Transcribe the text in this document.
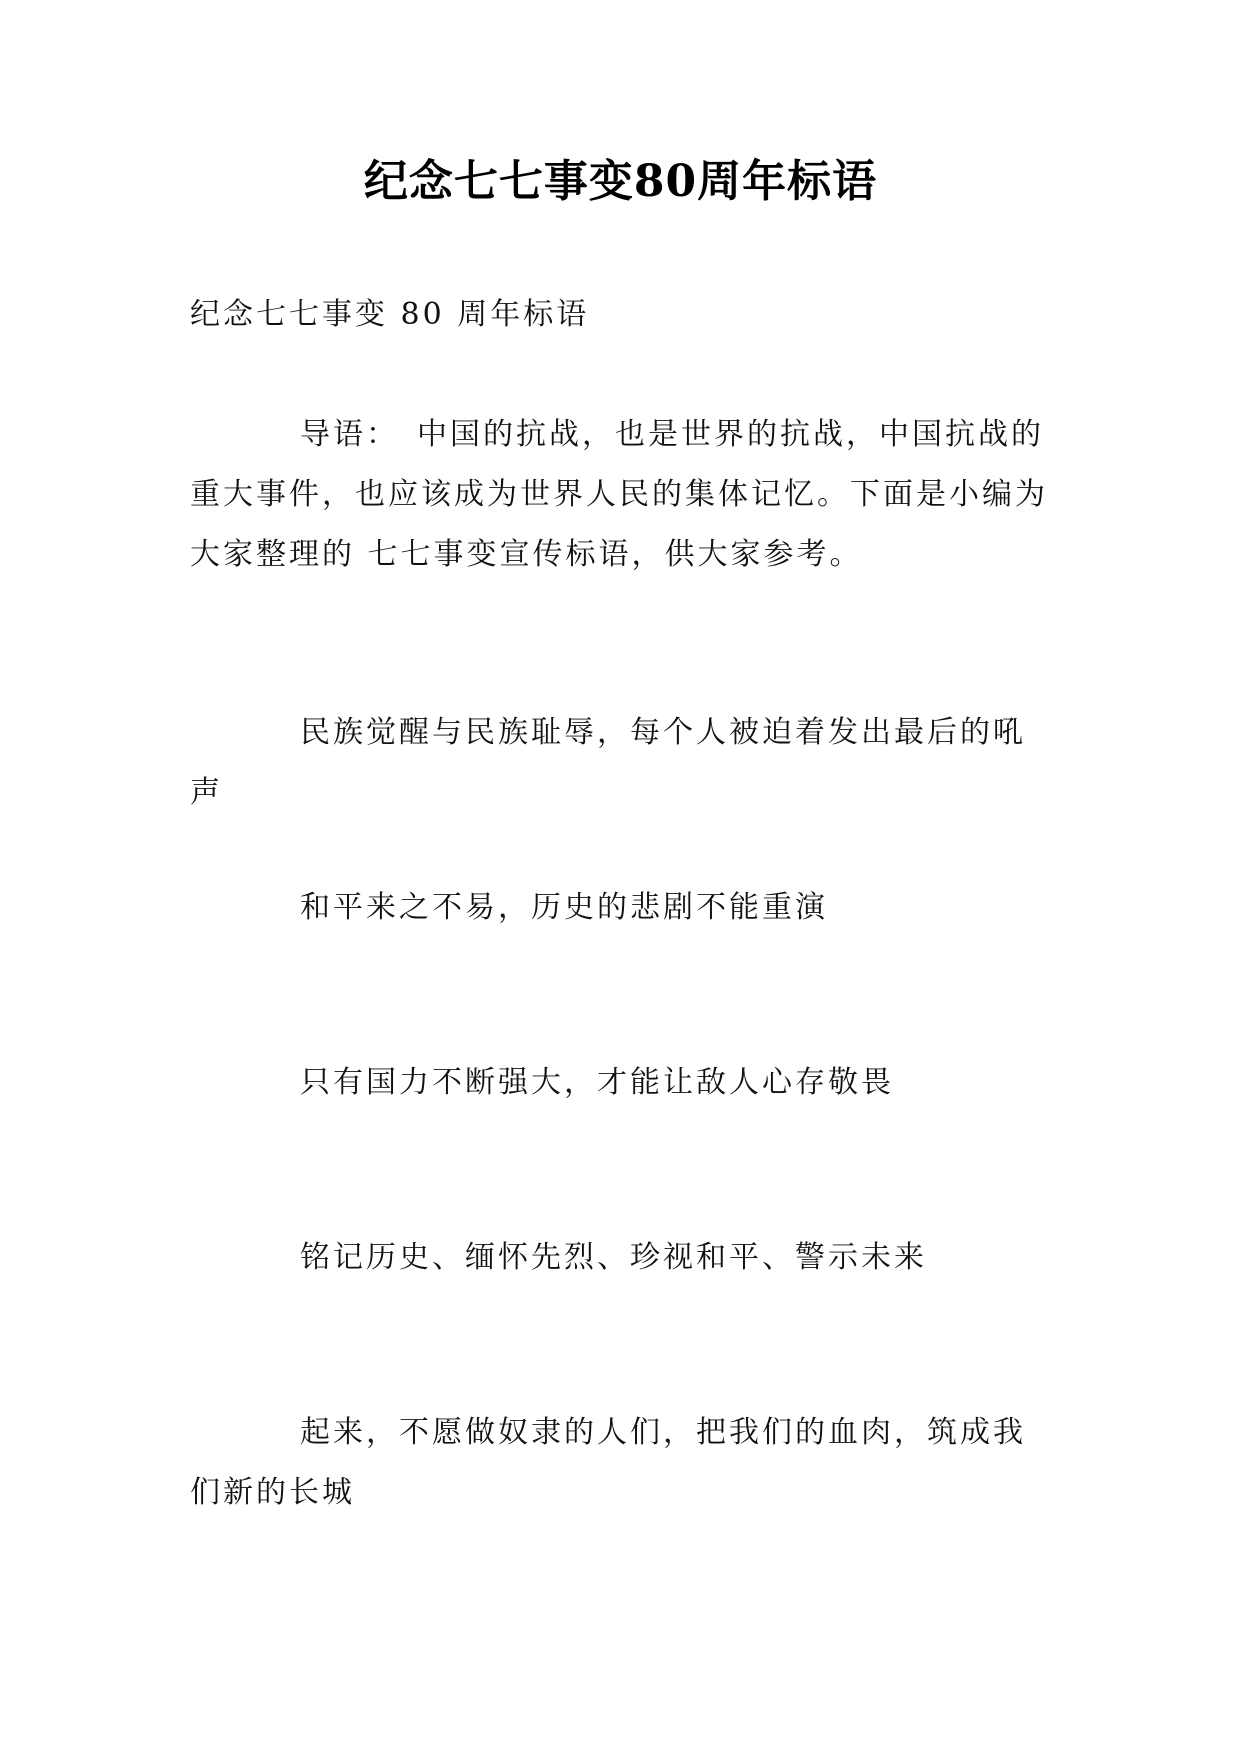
纪念七七事变80周年标语
纪念七七事变 80 周年标语
导语：　中国的抗战，也是世界的抗战，中国抗战的重大事件，也应该成为世界人民的集体记忆。下面是小编为大家整理的 七七事变宣传标语，供大家参考。
民族觉醒与民族耻辱，每个人被迫着发出最后的吼声
和平来之不易，历史的悲剧不能重演
只有国力不断强大，才能让敌人心存敬畏
铭记历史、缅怀先烈、珍视和平、警示未来
起来，不愿做奴隶的人们，把我们的血肉，筑成我们新的长城
